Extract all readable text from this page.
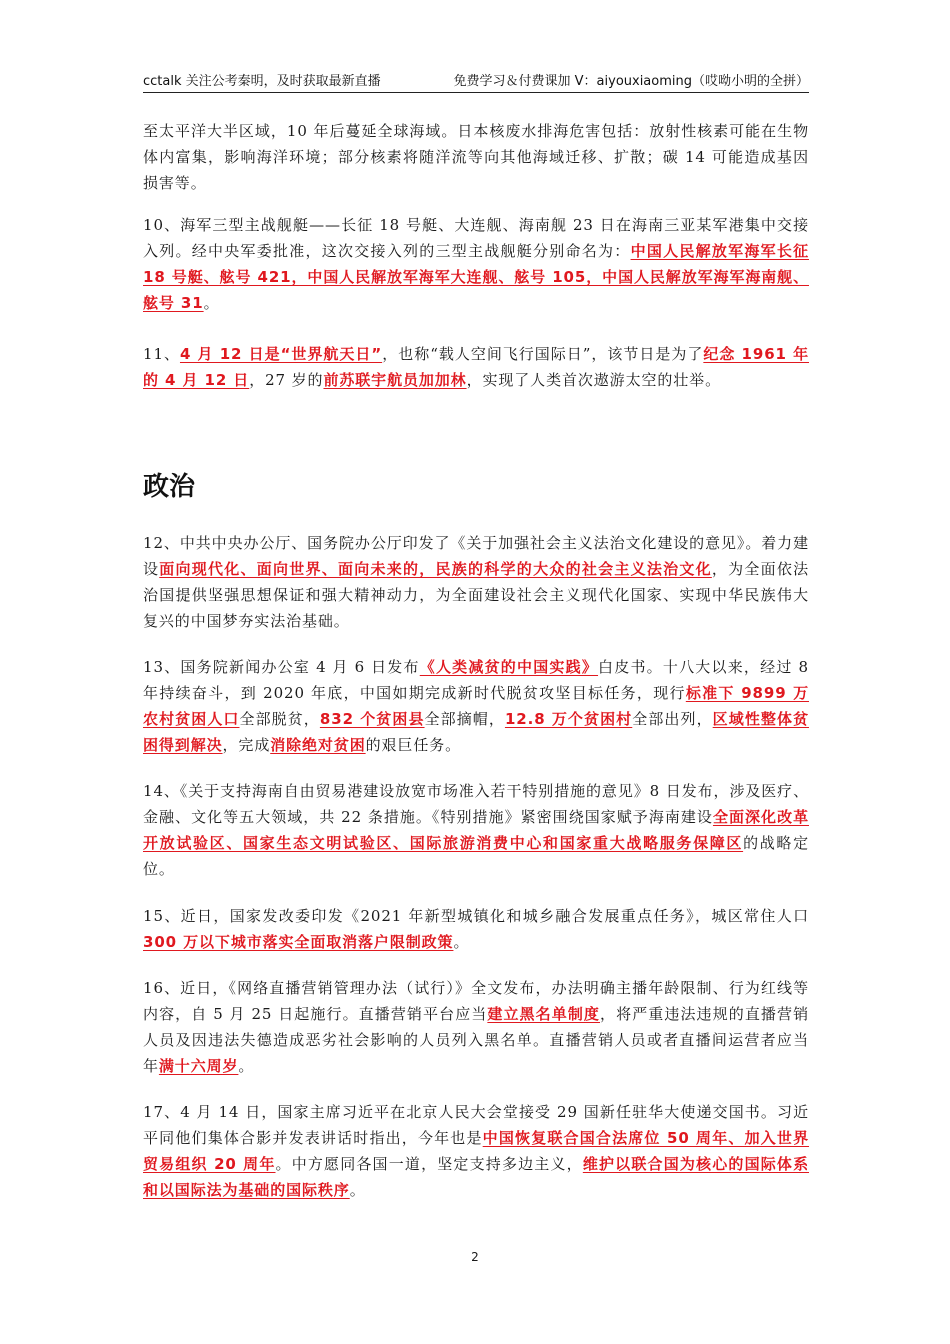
cctalk 关注公考秦明，及时获取最新直播	免费学习＆付费课加 V：aiyouxiaoming（哎呦小明的全拼）

至太平洋大半区域，10 年后蔓延全球海域。日本核废水排海危害包括：放射性核素可能在生物体内富集，影响海洋环境；部分核素将随洋流等向其他海域迁移、扩散；碳 14 可能造成基因损害等。

10、海军三型主战舰艇——长征 18 号艇、大连舰、海南舰 23 日在海南三亚某军港集中交接入列。经中央军委批准，这次交接入列的三型主战舰艇分别命名为：中国人民解放军海军长征 18 号艇、舷号 421，中国人民解放军海军大连舰、舷号 105，中国人民解放军海军海南舰、舷号 31。

11、4 月 12 日是“世界航天日”，也称“载人空间飞行国际日”，该节日是为了纪念 1961 年的 4 月 12 日，27 岁的前苏联宇航员加加林，实现了人类首次遨游太空的壮举。

政治

12、中共中央办公厅、国务院办公厅印发了《关于加强社会主义法治文化建设的意见》。着力建设面向现代化、面向世界、面向未来的，民族的科学的大众的社会主义法治文化，为全面依法治国提供坚强思想保证和强大精神动力，为全面建设社会主义现代化国家、实现中华民族伟大复兴的中国梦夯实法治基础。

13、国务院新闻办公室 4 月 6 日发布《人类减贫的中国实践》白皮书。十八大以来，经过 8 年持续奋斗，到 2020 年底，中国如期完成新时代脱贫攻坚目标任务，现行标准下 9899 万农村贫困人口全部脱贫，832 个贫困县全部摘帽，12.8 万个贫困村全部出列，区域性整体贫困得到解决，完成消除绝对贫困的艰巨任务。

14、《关于支持海南自由贸易港建设放宽市场准入若干特别措施的意见》8 日发布，涉及医疗、金融、文化等五大领域，共 22 条措施。《特别措施》紧密围绕国家赋予海南建设全面深化改革开放试验区、国家生态文明试验区、国际旅游消费中心和国家重大战略服务保障区的战略定位。

15、近日，国家发改委印发《2021 年新型城镇化和城乡融合发展重点任务》，城区常住人口 300 万以下城市落实全面取消落户限制政策。

16、近日，《网络直播营销管理办法（试行）》全文发布，办法明确主播年龄限制、行为红线等内容，自 5 月 25 日起施行。直播营销平台应当建立黑名单制度，将严重违法违规的直播营销人员及因违法失德造成恶劣社会影响的人员列入黑名单。直播营销人员或者直播间运营者应当年满十六周岁。

17、4 月 14 日，国家主席习近平在北京人民大会堂接受 29 国新任驻华大使递交国书。习近平同他们集体合影并发表讲话时指出，今年也是中国恢复联合国合法席位 50 周年、加入世界贸易组织 20 周年。中方愿同各国一道，坚定支持多边主义，维护以联合国为核心的国际体系和以国际法为基础的国际秩序。

2
